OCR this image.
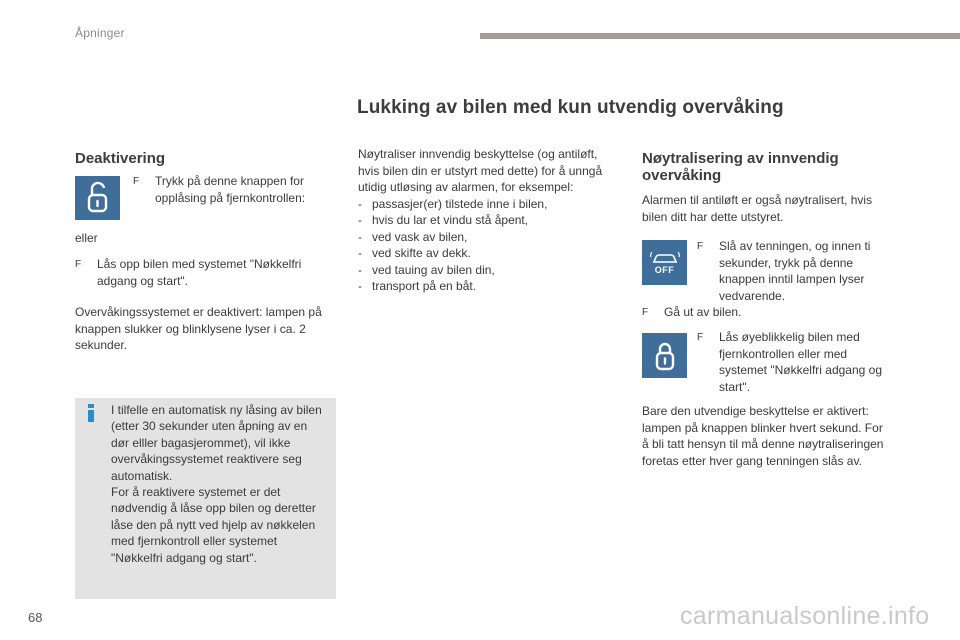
Åpninger
Lukking av bilen med kun utvendig overvåking
Deaktivering
F	Trykk på denne knappen for opplåsing på fjernkontrollen:
eller
F	Lås opp bilen med systemet "Nøkkelfri adgang og start".
Overvåkingssystemet er deaktivert: lampen på knappen slukker og blinklysene lyser i ca. 2 sekunder.
I tilfelle en automatisk ny låsing av bilen (etter 30 sekunder uten åpning av en dør elller bagasjerommet), vil ikke overvåkingssystemet reaktivere seg automatisk.
For å reaktivere systemet er det nødvendig å låse opp bilen og deretter låse den på nytt ved hjelp av nøkkelen med fjernkontroll eller systemet "Nøkkelfri adgang og start".
Nøytraliser innvendig beskyttelse (og antiløft, hvis bilen din er utstyrt med dette) for å unngå utidig utløsing av alarmen, for eksempel:
- passasjer(er) tilstede inne i bilen,
- hvis du lar et vindu stå åpent,
- ved vask av bilen,
- ved skifte av dekk.
- ved tauing av bilen din,
- transport på en båt.
Nøytralisering av innvendig overvåking
Alarmen til antiløft er også nøytralisert, hvis bilen ditt har dette utstyret.
OFF
F	Slå av tenningen, og innen ti sekunder, trykk på denne knappen inntil lampen lyser vedvarende.
F	Gå ut av bilen.
F	Lås øyeblikkelig bilen med fjernkontrollen eller med systemet "Nøkkelfri adgang og start".
Bare den utvendige beskyttelse er aktivert: lampen på knappen blinker hvert sekund. For å bli tatt hensyn til må denne nøytraliseringen foretas etter hver gang tenningen slås av.
68	carmanualsonline.info
